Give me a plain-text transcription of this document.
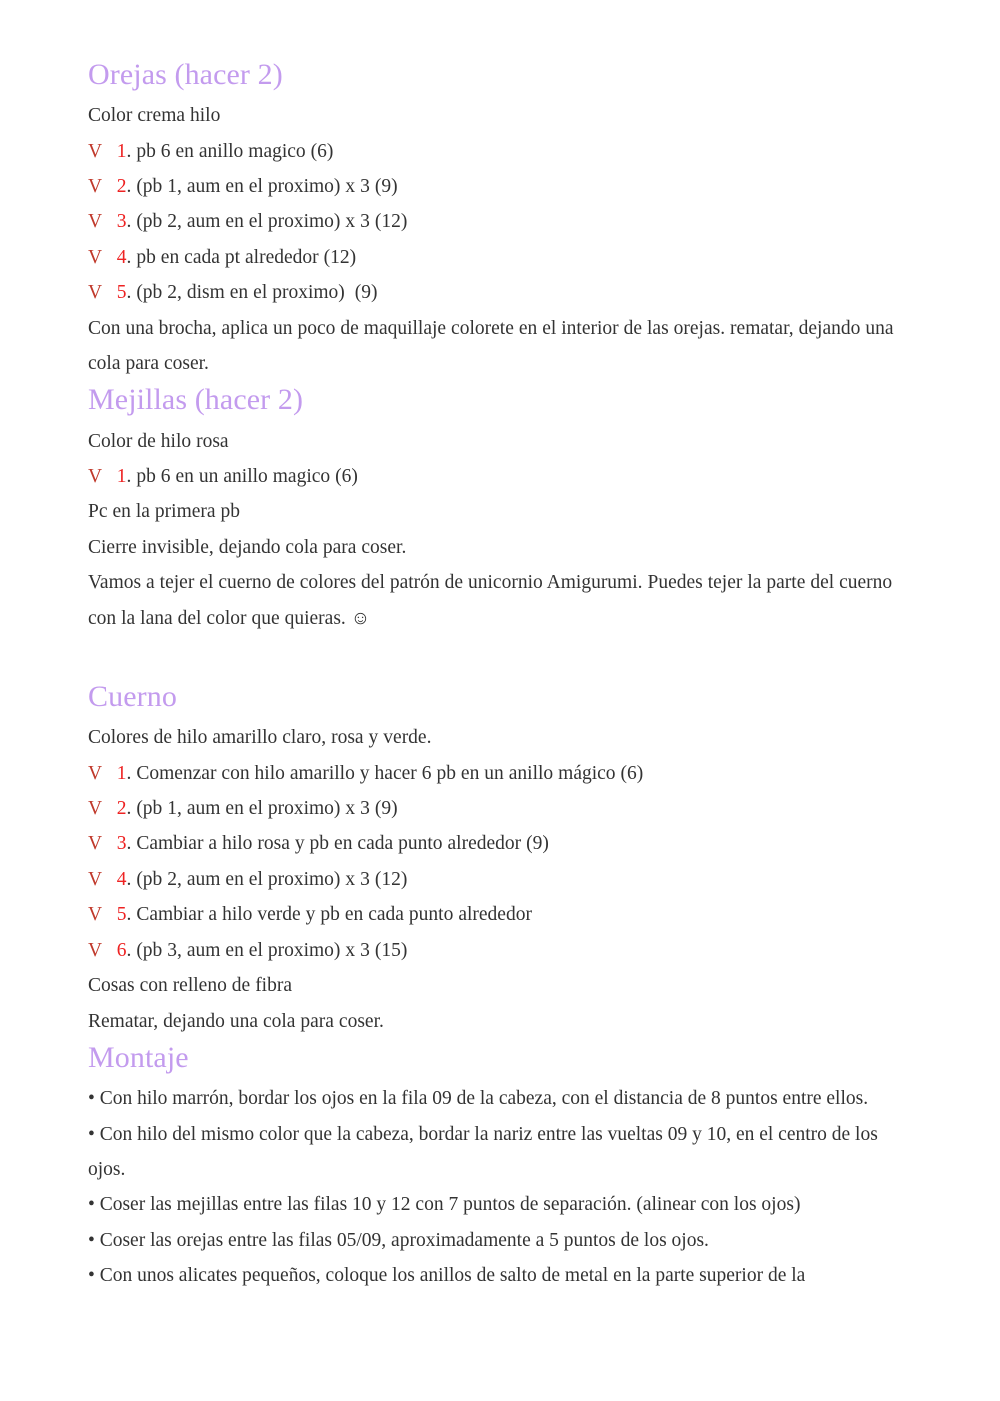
Orejas (hacer 2)

Color crema hilo

V 1. pb 6 en anillo magico (6)

V 2. (pb 1, aum en el proximo) x 3 (9)

V 3. (pb 2, aum en el proximo) x 3 (12)

V 4. pb en cada pt alrededor (12)

V 5. (pb 2, dism en el proximo)  (9)

Con una brocha, aplica un poco de maquillaje colorete en el interior de las orejas. rematar, dejando una cola para coser.

Mejillas (hacer 2)

Color de hilo rosa

V 1. pb 6 en un anillo magico (6)

Pc en la primera pb

Cierre invisible, dejando cola para coser.

Vamos a tejer el cuerno de colores del patrón de unicornio Amigurumi. Puedes tejer la parte del cuerno con la lana del color que quieras. ☺

Cuerno

Colores de hilo amarillo claro, rosa y verde.

V 1. Comenzar con hilo amarillo y hacer 6 pb en un anillo mágico (6)

V 2. (pb 1, aum en el proximo) x 3 (9)

V 3. Cambiar a hilo rosa y pb en cada punto alrededor (9)

V 4. (pb 2, aum en el proximo) x 3 (12)

V 5. Cambiar a hilo verde y pb en cada punto alrededor

V 6. (pb 3, aum en el proximo) x 3 (15)

Cosas con relleno de fibra

Rematar, dejando una cola para coser.

Montaje

• Con hilo marrón, bordar los ojos en la fila 09 de la cabeza, con el distancia de 8 puntos entre ellos.

• Con hilo del mismo color que la cabeza, bordar la nariz entre las vueltas 09 y 10, en el centro de los ojos.

• Coser las mejillas entre las filas 10 y 12 con 7 puntos de separación. (alinear con los ojos)

• Coser las orejas entre las filas 05/09, aproximadamente a 5 puntos de los ojos.

• Con unos alicates pequeños, coloque los anillos de salto de metal en la parte superior de la
